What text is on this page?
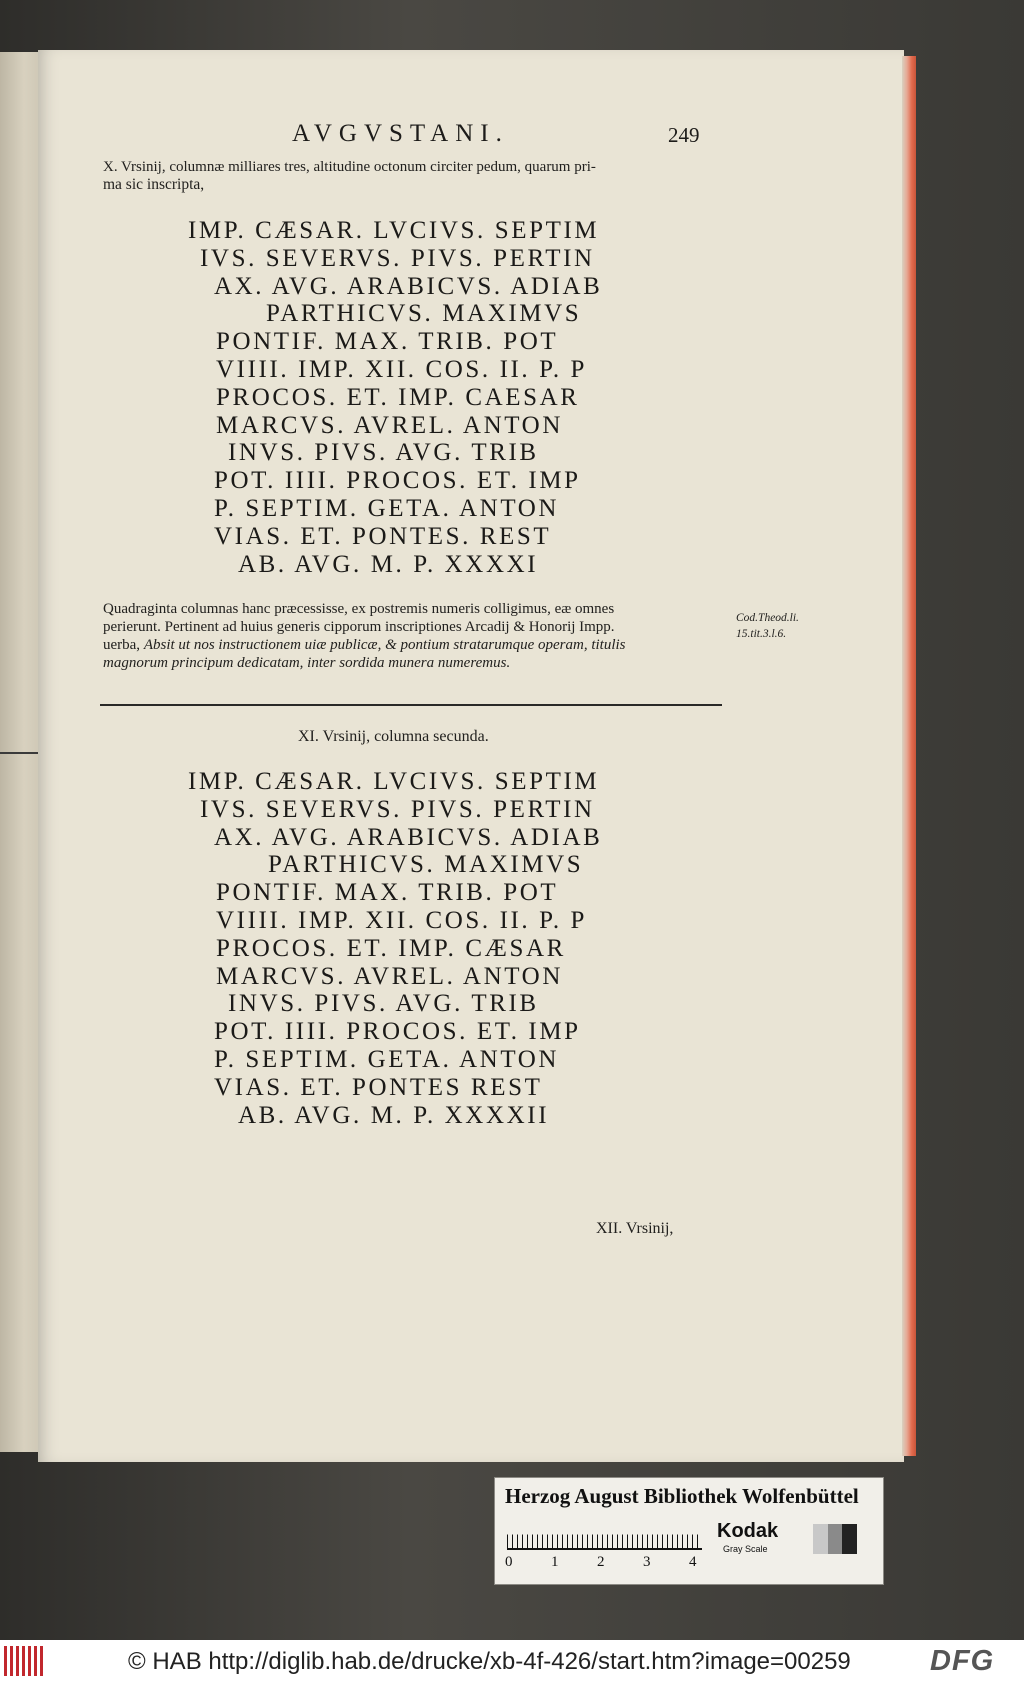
AVGVSTANI.	249
X. Vrsinij, columnæ milliares tres, altitudine octonum circiter pedum, quarum pri-
ma sic inscripta,
IMP. CÆSAR. LVCIVS. SEPTIM
IVS. SEVERVS. PIVS. PERTIN
AX. AVG. ARABICVS. ADIAB
PARTHICVS. MAXIMVS
PONTIF. MAX. TRIB. POT
VIIII. IMP. XII. COS. II. P. P
PROCOS. ET. IMP. CAESAR
MARCVS. AVREL. ANTON
INVS. PIVS. AVG. TRIB
POT. IIII. PROCOS. ET. IMP
P. SEPTIM. GETA. ANTON
VIAS. ET. PONTES. REST
AB. AVG. M. P. XXXXI
Quadraginta columnas hanc præcessisse, ex postremis numeris colligimus, eæ omnes
perierunt. Pertinent ad huius generis cipporum inscriptiones Arcadij & Honorij Impp.
uerba, Absit ut nos instructionem uiæ publicæ, & pontium stratarumque operam, titulis
magnorum principum dedicatam, inter sordida munera numeremus.
Cod.Theod.li.
15.tit.3.l.6.
XI. Vrsinij, columna secunda.
IMP. CÆSAR. LVCIVS. SEPTIM
IVS. SEVERVS. PIVS. PERTIN
AX. AVG. ARABICVS. ADIAB
PARTHICVS. MAXIMVS
PONTIF. MAX. TRIB. POT
VIIII. IMP. XII. COS. II. P. P
PROCOS. ET. IMP. CÆSAR
MARCVS. AVREL. ANTON
INVS. PIVS. AVG. TRIB
POT. IIII. PROCOS. ET. IMP
P. SEPTIM. GETA. ANTON
VIAS. ET. PONTES REST
AB. AVG. M. P. XXXXII
XII. Vrsinij,
Herzog August Bibliothek Wolfenbüttel
0	1	2	3	4
Kodak
Gray Scale
© HAB http://diglib.hab.de/drucke/xb-4f-426/start.htm?image=00259	DFG
